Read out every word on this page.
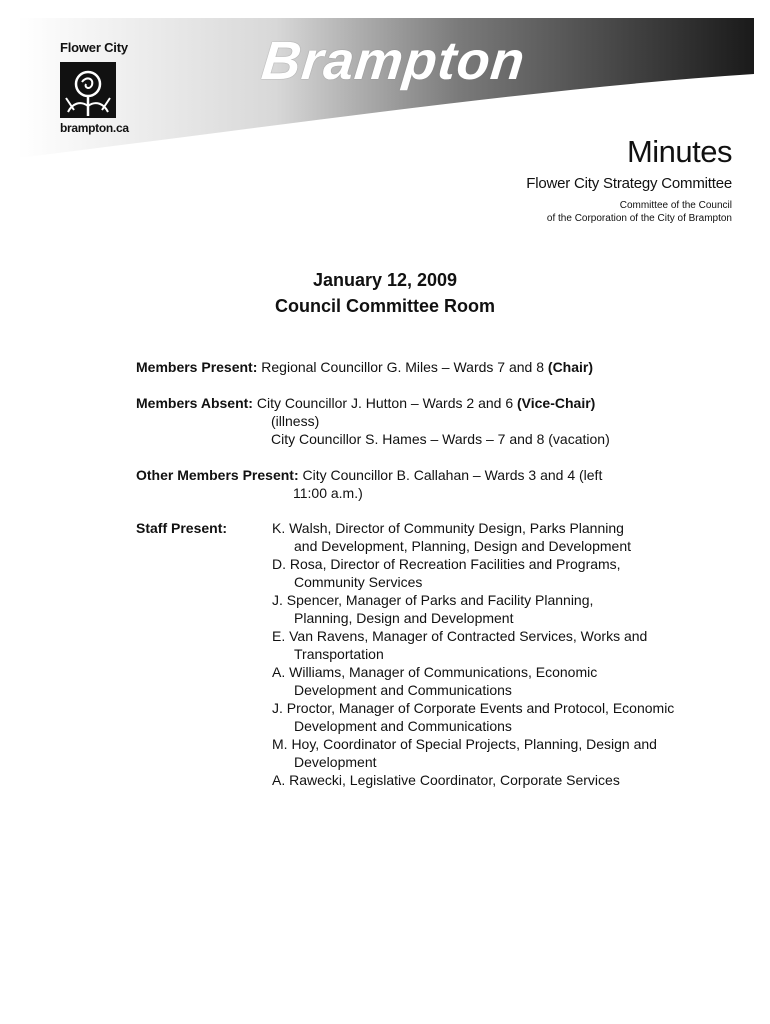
Flower City
brampton.ca
Brampton
Minutes
Flower City Strategy Committee
Committee of the Council
of the Corporation of the City of Brampton
January 12, 2009
Council Committee Room
Members Present: Regional Councillor G. Miles – Wards 7 and 8 (Chair)
Members Absent: City Councillor J. Hutton – Wards 2 and 6 (Vice-Chair)
(illness)
City Councillor S. Hames – Wards – 7 and 8 (vacation)
Other Members Present: City Councillor B. Callahan – Wards 3 and 4 (left
11:00 a.m.)
Staff Present:	K. Walsh, Director of Community Design, Parks Planning
and Development, Planning, Design and Development
D. Rosa, Director of Recreation Facilities and Programs,
Community Services
J. Spencer, Manager of Parks and Facility Planning,
Planning, Design and Development
E. Van Ravens, Manager of Contracted Services, Works and
Transportation
A. Williams, Manager of Communications, Economic
Development and Communications
J. Proctor, Manager of Corporate Events and Protocol, Economic
Development and Communications
M. Hoy, Coordinator of Special Projects, Planning, Design and
Development
A. Rawecki, Legislative Coordinator, Corporate Services
